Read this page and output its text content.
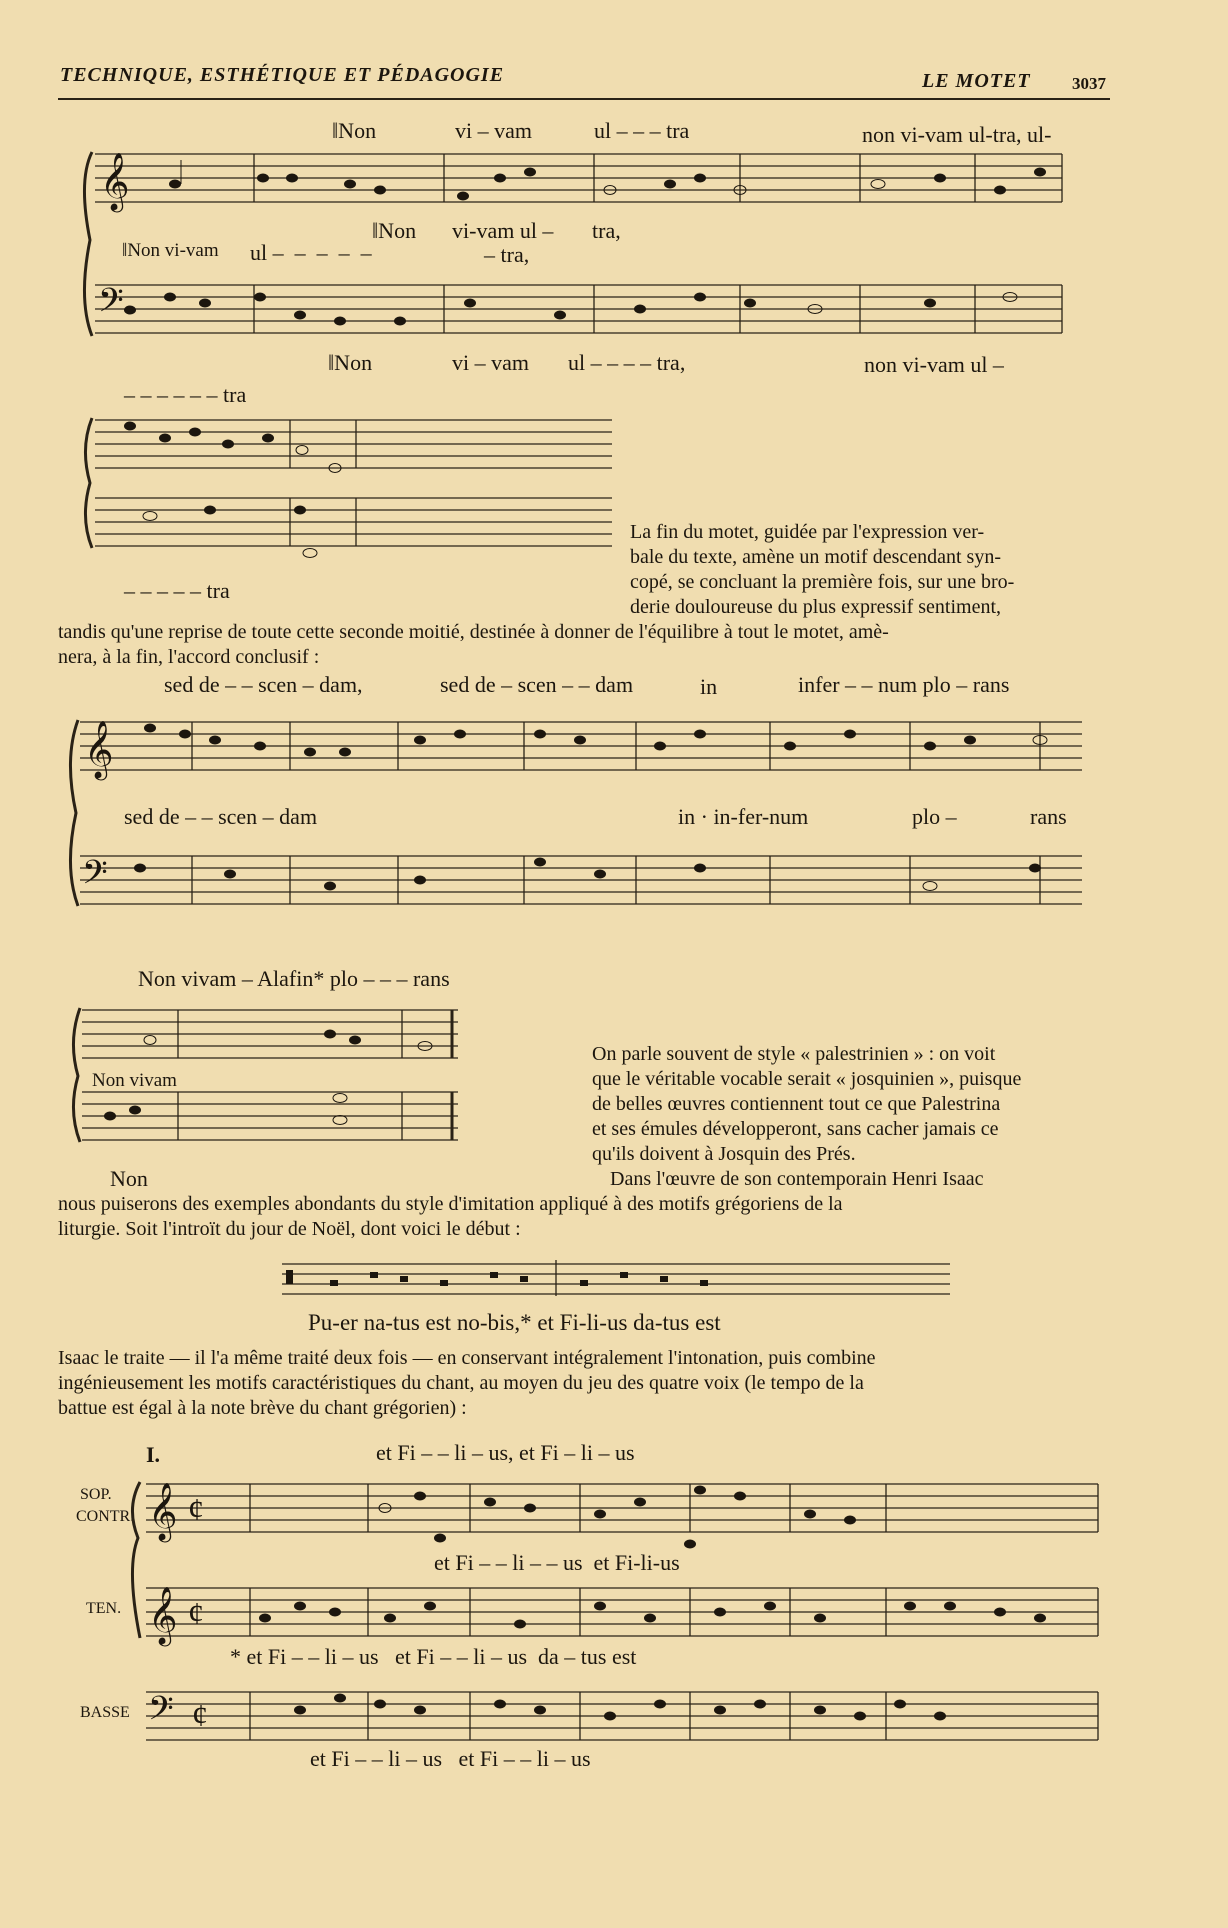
TECHNIQUE, ESTHÉTIQUE ET PÉDAGOGIE	LE MOTET 3037
‖Non	vi – vam	ul – – – tra	non vi-vam ul-tra, ul-
𝄞
𝄢
‖Non vi-vam ul – tra,
‖Non vi-vam ul –  –  –  –  –	– tra,
‖Non	vi – vam ul – – – – tra,	non vi-vam ul –
– – – – – – tra
– – – – – tra
La fin du motet, guidée par l'expression ver-
bale du texte, amène un motif descendant syn-
copé, se concluant la première fois, sur une bro-
derie douloureuse du plus expressif sentiment,
tandis qu'une reprise de toute cette seconde moitié, destinée à donner de l'équilibre à tout le motet, amè-
nera, à la fin, l'accord conclusif :
sed de – – scen – dam,	sed de – scen – – dam	in	infer – – num plo – rans
𝄞
𝄢
sed de – – scen – dam	in · in-fer-num	plo –	rans
Non vivam – Alafin* plo – – – rans
Non vivam
Non
On parle souvent de style « palestrinien » : on voit
que le véritable vocable serait « josquinien », puisque
de belles œuvres contiennent tout ce que Palestrina
et ses émules développeront, sans cacher jamais ce
qu'ils doivent à Josquin des Prés.
Dans l'œuvre de son contemporain Henri Isaac
nous puiserons des exemples abondants du style d'imitation appliqué à des motifs grégoriens de la
liturgie. Soit l'introït du jour de Noël, dont voici le début :
Pu-er na-tus est no-bis,* et Fi-li-us da-tus est
Isaac le traite — il l'a même traité deux fois — en conservant intégralement l'intonation, puis combine
ingénieusement les motifs caractéristiques du chant, au moyen du jeu des quatre voix (le tempo de la
battue est égal à la note brève du chant grégorien) :
I.	et Fi – – li – us, et Fi – li – us
SOP.
CONTR.
TEN.
BASSE
𝄞
𝄞
𝄢
¢
¢
¢
et Fi – – li – – us  et Fi-li-us
* et Fi – – li – us   et Fi – – li – us  da – tus est
et Fi – – li – us   et Fi – – li – us
